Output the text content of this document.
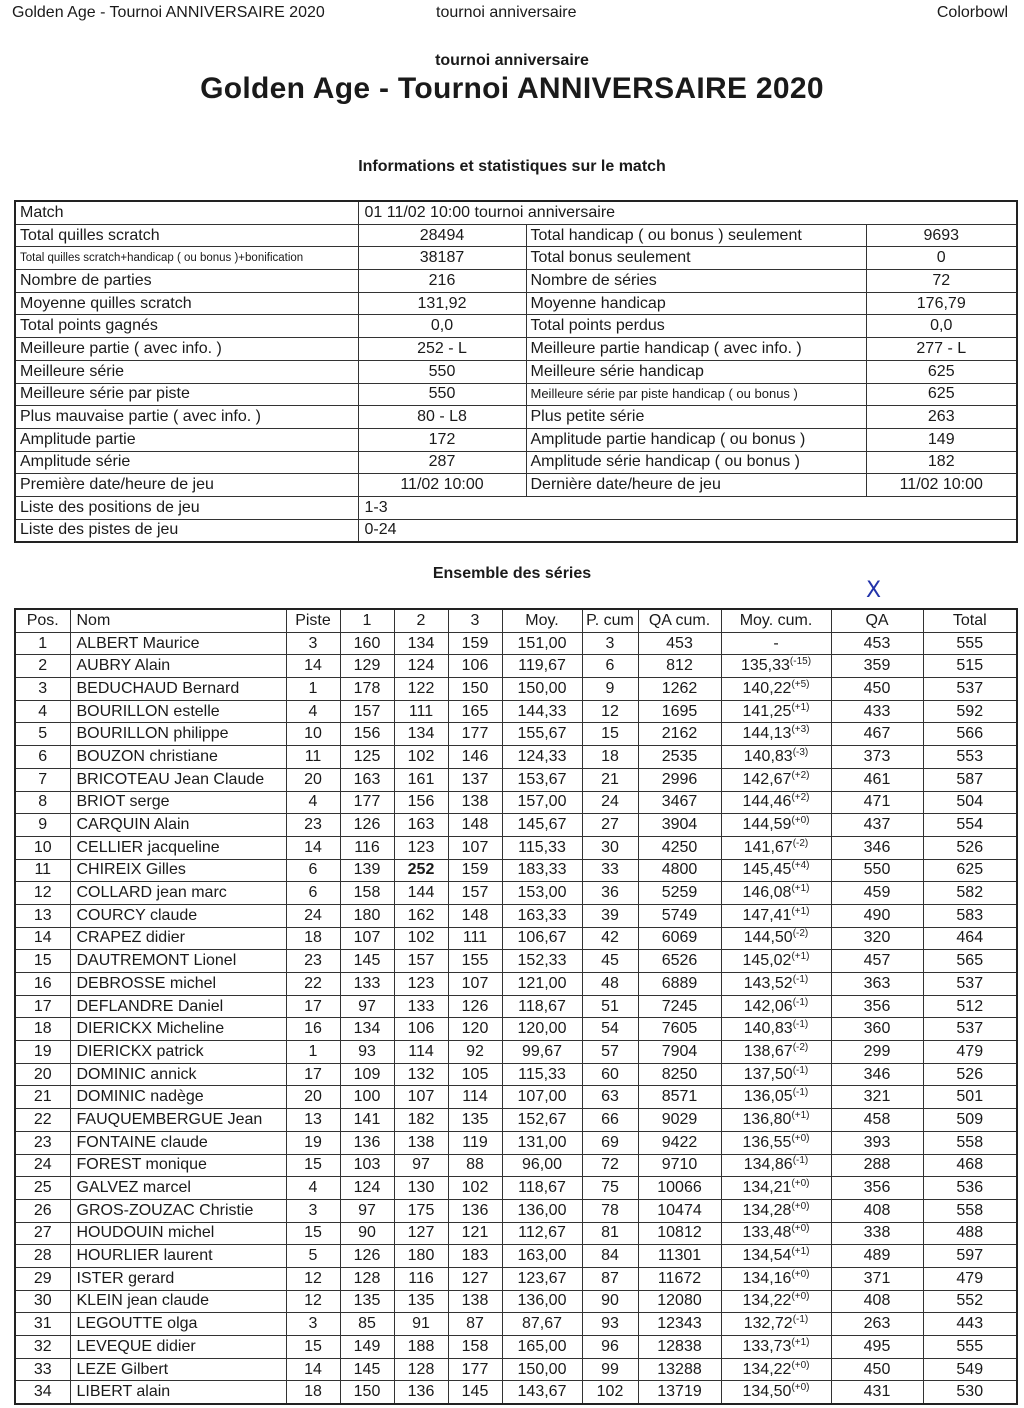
Golden Age - Tournoi ANNIVERSAIRE 2020	tournoi anniversaire	Colorbowl
tournoi anniversaire
Golden Age - Tournoi ANNIVERSAIRE 2020
Informations et statistiques sur le match
Match	01 11/02 10:00 tournoi anniversaire		
Total quilles scratch	28494	Total handicap ( ou bonus ) seulement	9693
Total quilles scratch+handicap ( ou bonus )+bonification	38187	Total bonus seulement	0
Nombre de parties	216	Nombre de séries	72
Moyenne quilles scratch	131,92	Moyenne handicap	176,79
Total points gagnés	0,0	Total points perdus	0,0
Meilleure partie ( avec info. )	252 - L	Meilleure partie handicap ( avec info. )	277 - L
Meilleure série	550	Meilleure série handicap	625
Meilleure série par piste	550	Meilleure série par piste handicap ( ou bonus )	625
Plus mauvaise partie ( avec info. )	80 - L8	Plus petite série	263
Amplitude partie	172	Amplitude partie handicap ( ou bonus )	149
Amplitude série	287	Amplitude série handicap ( ou bonus )	182
Première date/heure de jeu	11/02 10:00	Dernière date/heure de jeu	11/02 10:00
Liste des positions de jeu	1-3		
Liste des pistes de jeu	0-24		
Ensemble des séries
X
Pos.	Nom	Piste	1	2	3	Moy.	P. cum	QA cum.	Moy. cum.	QA	Total
1	ALBERT Maurice	3	160	134	159	151,00	3	453	-	453	555
2	AUBRY Alain	14	129	124	106	119,67	6	812	$135,33^{(-15)}$	359	515
3	BEDUCHAUD Bernard	1	178	122	150	150,00	9	1262	$140,22^{(+5)}$	450	537
4	BOURILLON estelle	4	157	111	165	144,33	12	1695	$141,25^{(+1)}$	433	592
5	BOURILLON philippe	10	156	134	177	155,67	15	2162	$144,13^{(+3)}$	467	566
6	BOUZON christiane	11	125	102	146	124,33	18	2535	$140,83^{(-3)}$	373	553
7	BRICOTEAU Jean Claude	20	163	161	137	153,67	21	2996	$142,67^{(+2)}$	461	587
8	BRIOT serge	4	177	156	138	157,00	24	3467	$144,46^{(+2)}$	471	504
9	CARQUIN Alain	23	126	163	148	145,67	27	3904	$144,59^{(+0)}$	437	554
10	CELLIER jacqueline	14	116	123	107	115,33	30	4250	$141,67^{(-2)}$	346	526
11	CHIREIX Gilles	6	139	252	159	183,33	33	4800	$145,45^{(+4)}$	550	625
12	COLLARD jean marc	6	158	144	157	153,00	36	5259	$146,08^{(+1)}$	459	582
13	COURCY claude	24	180	162	148	163,33	39	5749	$147,41^{(+1)}$	490	583
14	CRAPEZ didier	18	107	102	111	106,67	42	6069	$144,50^{(-2)}$	320	464
15	DAUTREMONT Lionel	23	145	157	155	152,33	45	6526	$145,02^{(+1)}$	457	565
16	DEBROSSE michel	22	133	123	107	121,00	48	6889	$143,52^{(-1)}$	363	537
17	DEFLANDRE Daniel	17	97	133	126	118,67	51	7245	$142,06^{(-1)}$	356	512
18	DIERICKX Micheline	16	134	106	120	120,00	54	7605	$140,83^{(-1)}$	360	537
19	DIERICKX patrick	1	93	114	92	99,67	57	7904	$138,67^{(-2)}$	299	479
20	DOMINIC annick	17	109	132	105	115,33	60	8250	$137,50^{(-1)}$	346	526
21	DOMINIC nadège	20	100	107	114	107,00	63	8571	$136,05^{(-1)}$	321	501
22	FAUQUEMBERGUE Jean	13	141	182	135	152,67	66	9029	$136,80^{(+1)}$	458	509
23	FONTAINE claude	19	136	138	119	131,00	69	9422	$136,55^{(+0)}$	393	558
24	FOREST monique	15	103	97	88	96,00	72	9710	$134,86^{(-1)}$	288	468
25	GALVEZ marcel	4	124	130	102	118,67	75	10066	$134,21^{(+0)}$	356	536
26	GROS-ZOUZAC Christie	3	97	175	136	136,00	78	10474	$134,28^{(+0)}$	408	558
27	HOUDOUIN michel	15	90	127	121	112,67	81	10812	$133,48^{(+0)}$	338	488
28	HOURLIER laurent	5	126	180	183	163,00	84	11301	$134,54^{(+1)}$	489	597
29	ISTER gerard	12	128	116	127	123,67	87	11672	$134,16^{(+0)}$	371	479
30	KLEIN jean claude	12	135	135	138	136,00	90	12080	$134,22^{(+0)}$	408	552
31	LEGOUTTE olga	3	85	91	87	87,67	93	12343	$132,72^{(-1)}$	263	443
32	LEVEQUE didier	15	149	188	158	165,00	96	12838	$133,73^{(+1)}$	495	555
33	LEZE Gilbert	14	145	128	177	150,00	99	13288	$134,22^{(+0)}$	450	549
34	LIBERT alain	18	150	136	145	143,67	102	13719	$134,50^{(+0)}$	431	530
